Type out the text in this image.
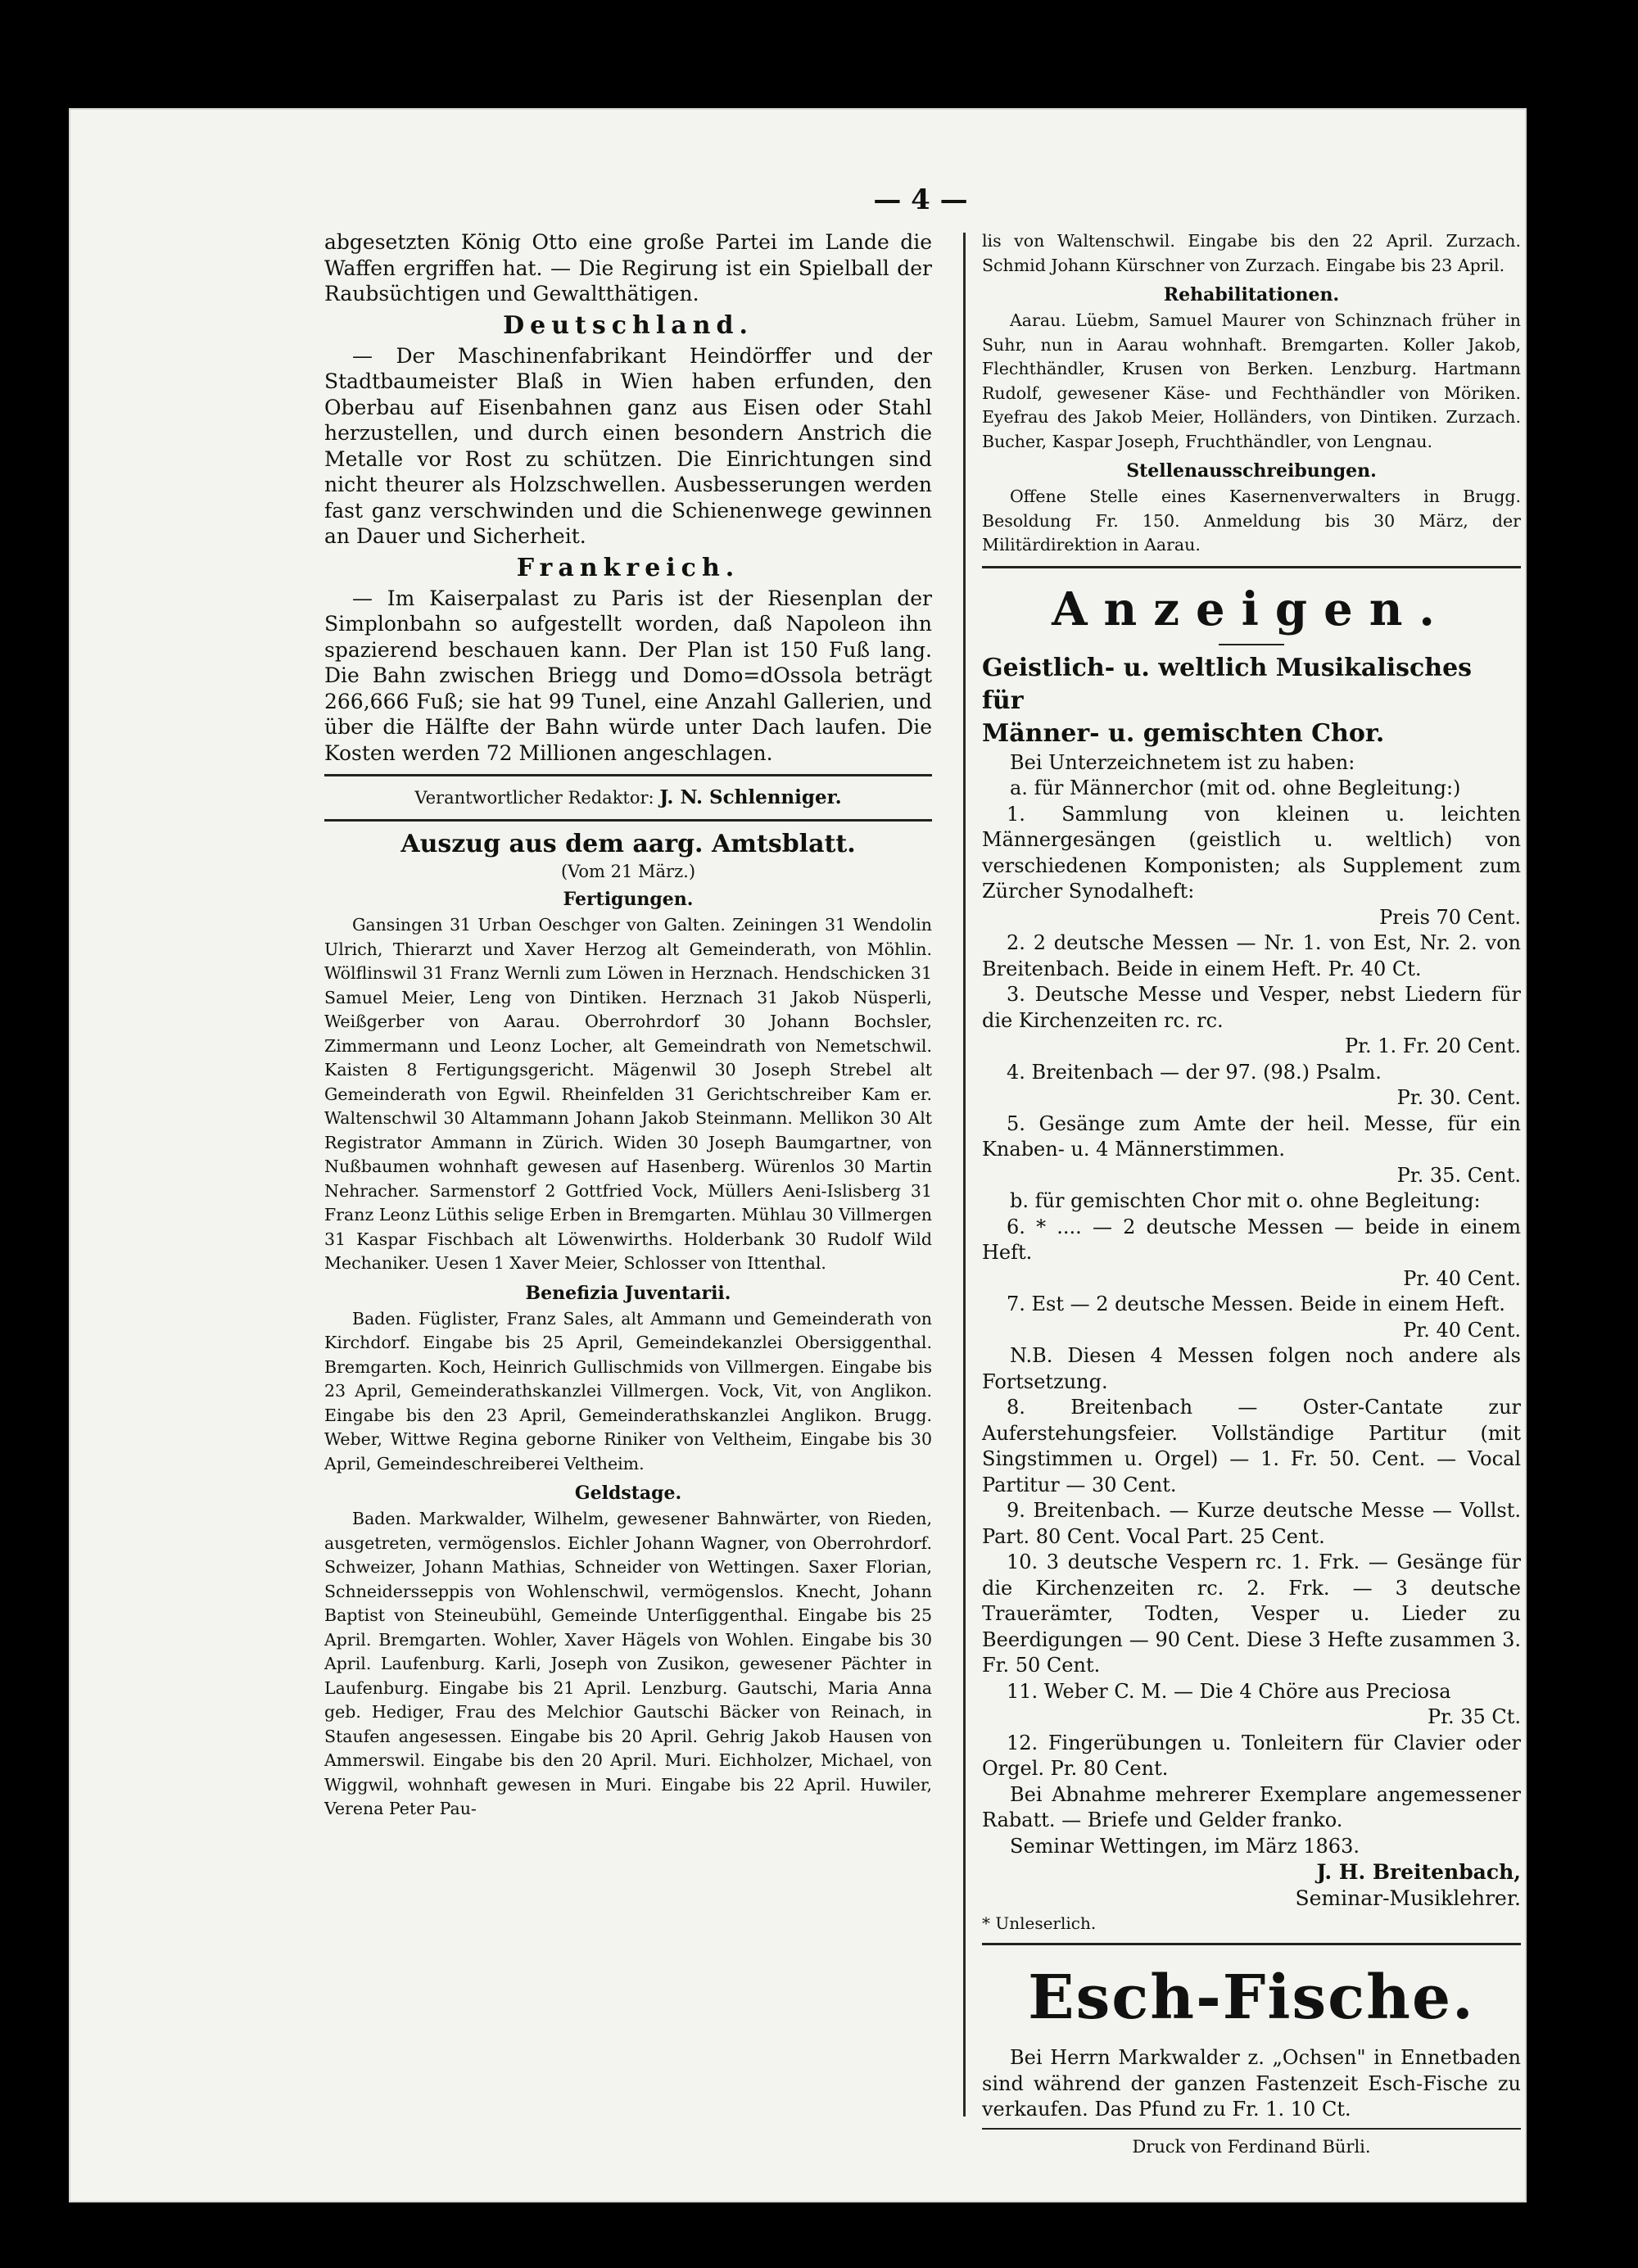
— 4 —

abgesetzten König Otto eine große Partei im Lande die Waffen ergriffen hat. — Die Regirung ist ein Spielball der Raubsüchtigen und Gewaltthätigen.

Deutschland.

— Der Maschinenfabrikant Heindörffer und der Stadtbaumeister Blaß in Wien haben erfunden, den Oberbau auf Eisenbahnen ganz aus Eisen oder Stahl herzustellen, und durch einen besondern Anstrich die Metalle vor Rost zu schützen. Die Einrichtungen sind nicht theurer als Holzschwellen. Ausbesserungen werden fast ganz verschwinden und die Schienenwege gewinnen an Dauer und Sicherheit.

Frankreich.

— Im Kaiserpalast zu Paris ist der Riesenplan der Simplonbahn so aufgestellt worden, daß Napoleon ihn spazierend beschauen kann. Der Plan ist 150 Fuß lang. Die Bahn zwischen Briegg und Domo=dOssola beträgt 266,666 Fuß; sie hat 99 Tunel, eine Anzahl Gallerien, und über die Hälfte der Bahn würde unter Dach laufen. Die Kosten werden 72 Millionen angeschlagen.

Verantwortlicher Redaktor: J. N. Schlenniger.
Auszug aus dem aarg. Amtsblatt.
(Vom 21 März.)
Fertigungen.

Gansingen 31 Urban Oeschger von Galten. Zeiningen 31 Wendolin Ulrich, Thierarzt und Xaver Herzog alt Gemeinderath, von Möhlin. Wölflinswil 31 Franz Wernli zum Löwen in Herznach. Hendschicken 31 Samuel Meier, Leng von Dintiken. Herznach 31 Jakob Nüsperli, Weißgerber von Aarau. Oberrohrdorf 30 Johann Bochsler, Zimmermann und Leonz Locher, alt Gemeindrath von Nemetschwil. Kaisten 8 Fertigungsgericht. Mägenwil 30 Joseph Strebel alt Gemeinderath von Egwil. Rheinfelden 31 Gerichtschreiber Kam er. Waltenschwil 30 Altammann Johann Jakob Steinmann. Mellikon 30 Alt Registrator Ammann in Zürich. Widen 30 Joseph Baumgartner, von Nußbaumen wohnhaft gewesen auf Hasenberg. Würenlos 30 Martin Nehracher. Sarmenstorf 2 Gottfried Vock, Müllers Aeni-Islisberg 31 Franz Leonz Lüthis selige Erben in Bremgarten. Mühlau 30 Villmergen 31 Kaspar Fischbach alt Löwenwirths. Holderbank 30 Rudolf Wild Mechaniker. Uesen 1 Xaver Meier, Schlosser von Ittenthal.

Benefizia Juventarii.

Baden. Füglister, Franz Sales, alt Ammann und Gemeinderath von Kirchdorf. Eingabe bis 25 April, Gemeindekanzlei Obersiggenthal. Bremgarten. Koch, Heinrich Gullischmids von Villmergen. Eingabe bis 23 April, Gemeinderathskanzlei Villmergen. Vock, Vit, von Anglikon. Eingabe bis den 23 April, Gemeinderathskanzlei Anglikon. Brugg. Weber, Wittwe Regina geborne Riniker von Veltheim, Eingabe bis 30 April, Gemeindeschreiberei Veltheim.

Geldstage.

Baden. Markwalder, Wilhelm, gewesener Bahnwärter, von Rieden, ausgetreten, vermögenslos. Eichler Johann Wagner, von Oberrohrdorf. Schweizer, Johann Mathias, Schneider von Wettingen. Saxer Florian, Schneidersseppis von Wohlenschwil, vermögenslos. Knecht, Johann Baptist von Steineubühl, Gemeinde Unterſiggenthal. Eingabe bis 25 April. Bremgarten. Wohler, Xaver Hägels von Wohlen. Eingabe bis 30 April. Laufenburg. Karli, Joseph von Zusikon, gewesener Pächter in Laufenburg. Eingabe bis 21 April. Lenzburg. Gautschi, Maria Anna geb. Hediger, Frau des Melchior Gautschi Bäcker von Reinach, in Staufen angesessen. Eingabe bis 20 April. Gehrig Jakob Hausen von Ammerswil. Eingabe bis den 20 April. Muri. Eichholzer, Michael, von Wiggwil, wohnhaft gewesen in Muri. Eingabe bis 22 April. Huwiler, Verena Peter Pau-

lis von Waltenschwil. Eingabe bis den 22 April. Zurzach. Schmid Johann Kürschner von Zurzach. Eingabe bis 23 April.

Rehabilitationen.

Aarau. Lüebm, Samuel Maurer von Schinznach früher in Suhr, nun in Aarau wohnhaft. Bremgarten. Koller Jakob, Flechthändler, Krusen von Berken. Lenzburg. Hartmann Rudolf, gewesener Käse- und Fechthändler von Möriken. Eyefrau des Jakob Meier, Holländers, von Dintiken. Zurzach. Bucher, Kaspar Joseph, Fruchthändler, von Lengnau.

Stellenausschreibungen.

Offene Stelle eines Kasernenverwalters in Brugg. Besoldung Fr. 150. Anmeldung bis 30 März, der Militärdirektion in Aarau.

Anzeigen.
Geistlich- u. weltlich Musikalisches für
Männer- u. gemischten Chor.

Bei Unterzeichnetem ist zu haben:

a. für Männerchor (mit od. ohne Begleitung:)

1. Sammlung von kleinen u. leichten Männergesängen (geistlich u. weltlich) von verschiedenen Komponisten; als Supplement zum Zürcher Synodalheft:

Preis 70 Cent.

2. 2 deutsche Messen — Nr. 1. von Est, Nr. 2. von Breitenbach. Beide in einem Heft. Pr. 40 Ct.

3. Deutsche Messe und Vesper, nebst Liedern für die Kirchenzeiten rc. rc.

Pr. 1. Fr. 20 Cent.

4. Breitenbach — der 97. (98.) Psalm.

Pr. 30. Cent.

5. Gesänge zum Amte der heil. Messe, für ein Knaben- u. 4 Männerstimmen.

Pr. 35. Cent.

b. für gemischten Chor mit o. ohne Begleitung:

6. * .... — 2 deutsche Messen — beide in einem Heft.

Pr. 40 Cent.

7. Est — 2 deutsche Messen. Beide in einem Heft.

Pr. 40 Cent.

N.B. Diesen 4 Messen folgen noch andere als Fortsetzung.

8. Breitenbach — Oster-Cantate zur Auferstehungsfeier. Vollständige Partitur (mit Singstimmen u. Orgel) — 1. Fr. 50. Cent. — Vocal Partitur — 30 Cent.

9. Breitenbach. — Kurze deutsche Messe — Vollst. Part. 80 Cent. Vocal Part. 25 Cent.

10. 3 deutsche Vespern rc. 1. Frk. — Gesänge für die Kirchenzeiten rc. 2. Frk. — 3 deutsche Trauerämter, Todten, Vesper u. Lieder zu Beerdigungen — 90 Cent. Diese 3 Hefte zusammen 3. Fr. 50 Cent.

11. Weber C. M. — Die 4 Chöre aus Preciosa

Pr. 35 Ct.

12. Fingerübungen u. Tonleitern für Clavier oder Orgel. Pr. 80 Cent.

Bei Abnahme mehrerer Exemplare angemessener Rabatt. — Briefe und Gelder franko.

Seminar Wettingen, im März 1863.

J. H. Breitenbach,
Seminar-Musiklehrer.
* Unleserlich.
Esch-Fische.

Bei Herrn Markwalder z. „Ochsen" in Ennetbaden sind während der ganzen Fastenzeit Esch-Fische zu verkaufen. Das Pfund zu Fr. 1. 10 Ct.

Druck von Ferdinand Bürli.
